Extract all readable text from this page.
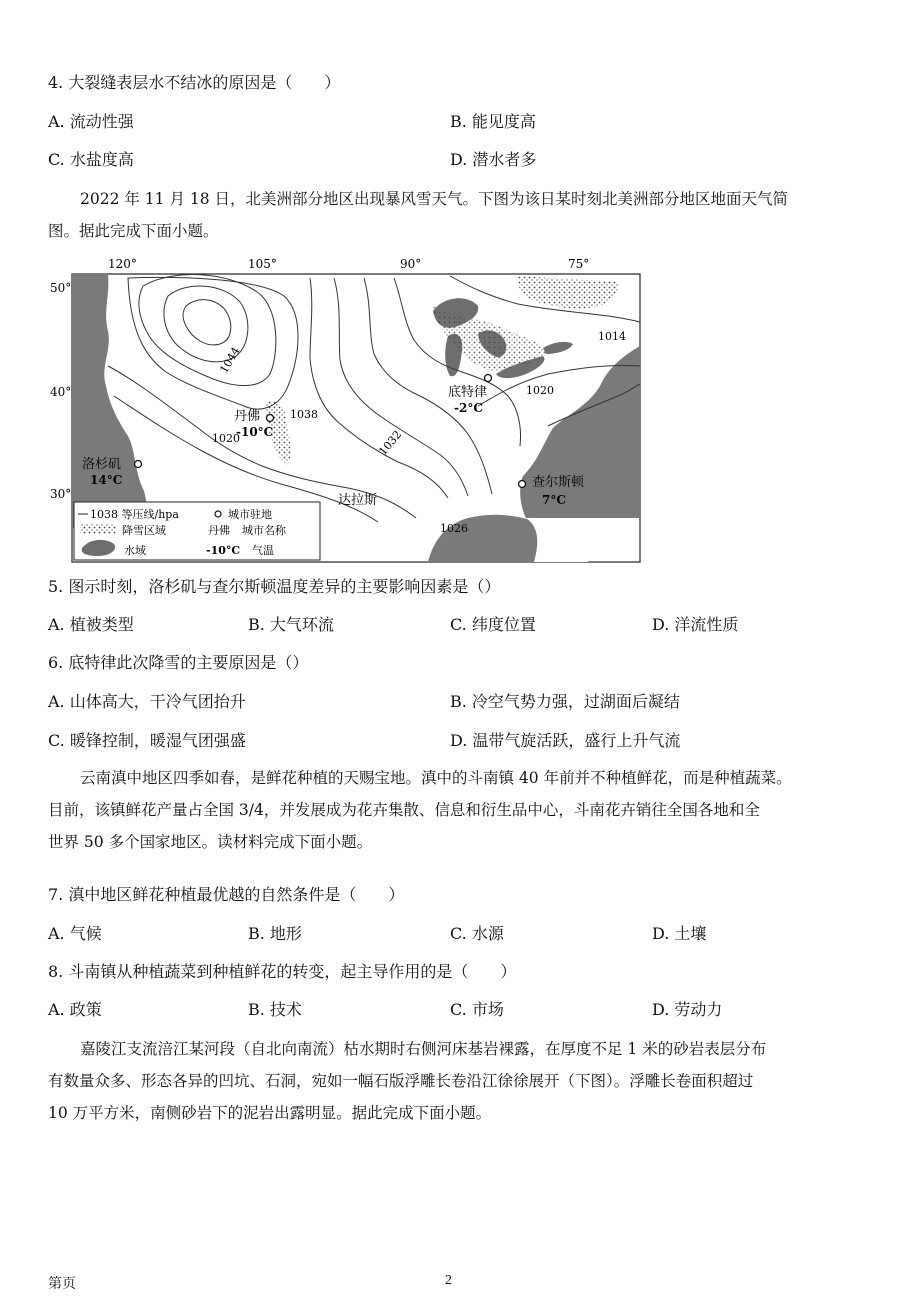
4. 大裂缝表层水不结冰的原因是（　　）
A. 流动性强	B. 能见度高
C. 水盐度高	D. 潜水者多
2022 年 11 月 18 日，北美洲部分地区出现暴风雪天气。下图为该日某时刻北美洲部分地区地面天气简
图。据此完成下面小题。
120°	105°	90°	75°
50°
40°
30°
1044
1038
1020	1032
1014
1020
1026
丹佛
-10°C
底特律
-2°C
洛杉矶
14°C	查尔斯顿
7°C
达拉斯
1038 等压线/hpa	城市驻地
降雪区域	丹佛 城市名称
水域	-10°C 气温
5. 图示时刻，洛杉矶与查尔斯顿温度差异的主要影响因素是（）
A. 植被类型	B. 大气环流	C. 纬度位置	D. 洋流性质
6. 底特律此次降雪的主要原因是（）
A. 山体高大，干冷气团抬升	B. 冷空气势力强，过湖面后凝结
C. 暖锋控制，暖湿气团强盛	D. 温带气旋活跃，盛行上升气流
云南滇中地区四季如春，是鲜花种植的天赐宝地。滇中的斗南镇 40 年前并不种植鲜花，而是种植蔬菜。
目前，该镇鲜花产量占全国 3/4，并发展成为花卉集散、信息和衍生品中心，斗南花卉销往全国各地和全
世界 50 多个国家地区。读材料完成下面小题。
7. 滇中地区鲜花种植最优越的自然条件是（　　）
A. 气候	B. 地形	C. 水源	D. 土壤
8. 斗南镇从种植蔬菜到种植鲜花的转变，起主导作用的是（　　）
A. 政策	B. 技术	C. 市场	D. 劳动力
嘉陵江支流涪江某河段（自北向南流）枯水期时右侧河床基岩裸露，在厚度不足 1 米的砂岩表层分布
有数量众多、形态各异的凹坑、石洞，宛如一幅石版浮雕长卷沿江徐徐展开（下图）。浮雕长卷面积超过
10 万平方米，南侧砂岩下的泥岩出露明显。据此完成下面小题。
第页	2
